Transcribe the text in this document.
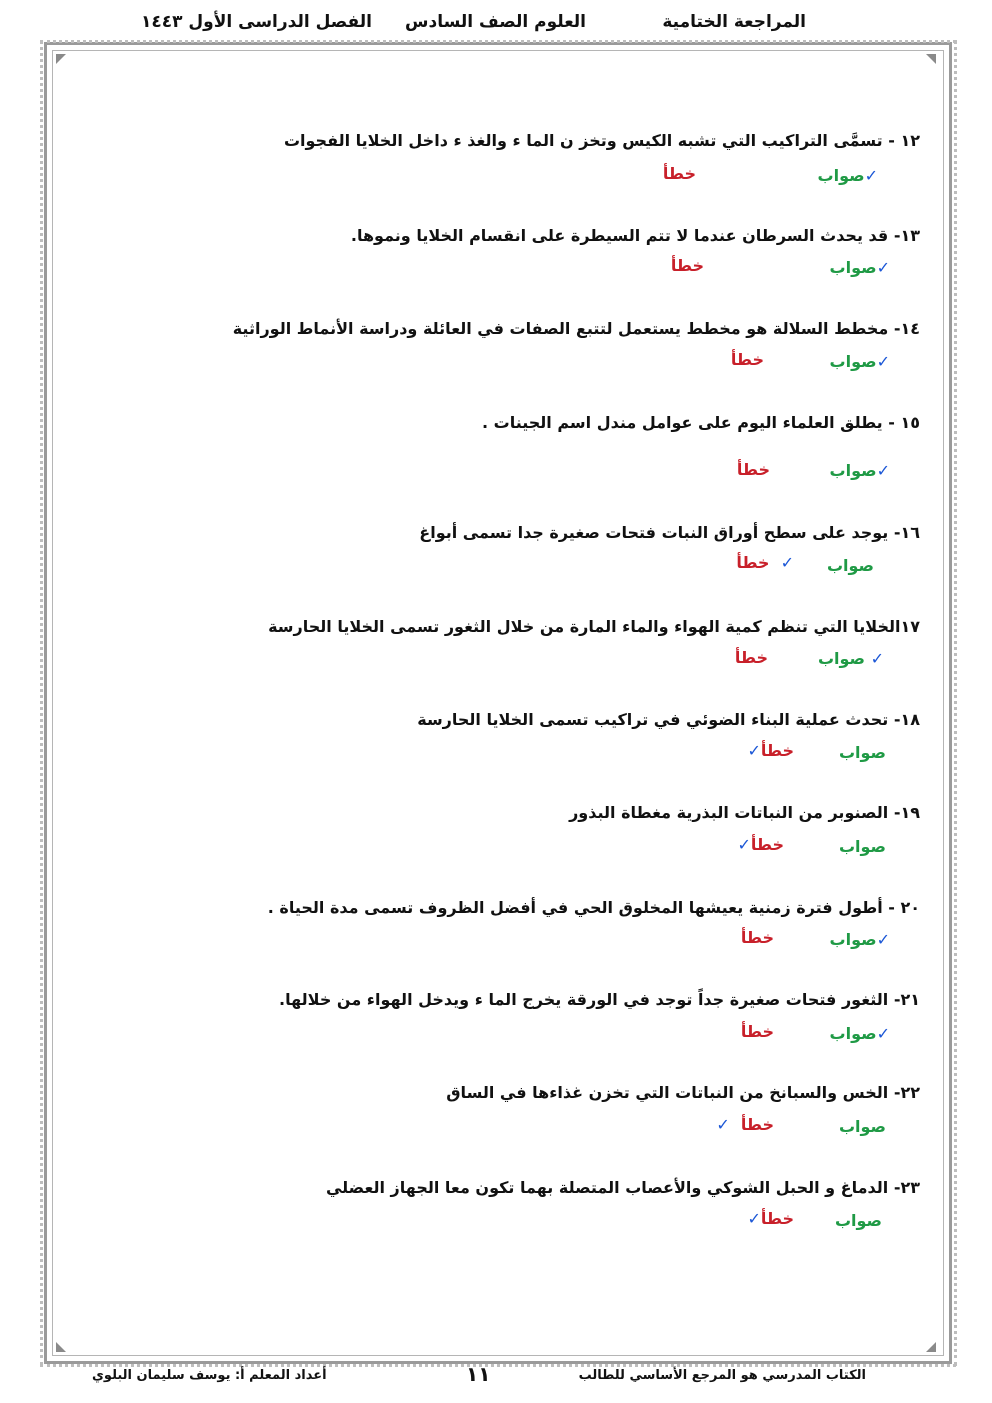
المراجعة الختامية
العلوم الصف السادس
الفصل الدراسى الأول ١٤٤٣
١٢ - تسمَّى التراكيب التي تشبه الكيس وتخز ن الما ء والغذ ء داخل الخلايا الفجوات
✓صواب
خطأ
١٣- قد يحدث السرطان عندما لا تتم السيطرة على انقسام الخلايا ونموها.
✓صواب
خطأ
١٤- مخطط السلالة هو مخطط يستعمل لتتبع الصفات في العائلة ودراسة الأنماط الوراثية
✓صواب
خطأ
١٥ - يطلق العلماء اليوم على عوامل مندل اسم الجينات .
✓صواب
خطأ
١٦- يوجد على سطح أوراق النبات فتحات صغيرة جدا تسمى أبواغ
صواب
✓  خطأ
١٧الخلايا التي تنظم كمية الهواء والماء المارة من خلال الثغور تسمى الخلايا الحارسة
✓ صواب
خطأ
١٨- تحدث عملية البناء الضوئي في تراكيب تسمى الخلايا الحارسة
صواب
خطأ✓
١٩- الصنوبر من النباتات البذرية مغطاة البذور
صواب
خطأ✓
٢٠ - أطول فترة زمنية يعيشها المخلوق الحي في أفضل الظروف تسمى مدة الحياة .
✓صواب
خطأ
٢١- الثغور فتحات صغيرة جداً توجد في الورقة يخرج الما ء ويدخل الهواء من خلالها.
✓صواب
خطأ
٢٢- الخس والسبانخ من النباتات التي تخزن غذاءها في الساق
صواب
خطأ  ✓
٢٣- الدماغ و الحبل الشوكي والأعصاب المتصلة بهما تكون معا الجهاز العضلي
صواب
خطأ✓
الكتاب المدرسي هو المرجع الأساسي للطالب
أعداد المعلم أ: يوسف سليمان البلوي	١١
